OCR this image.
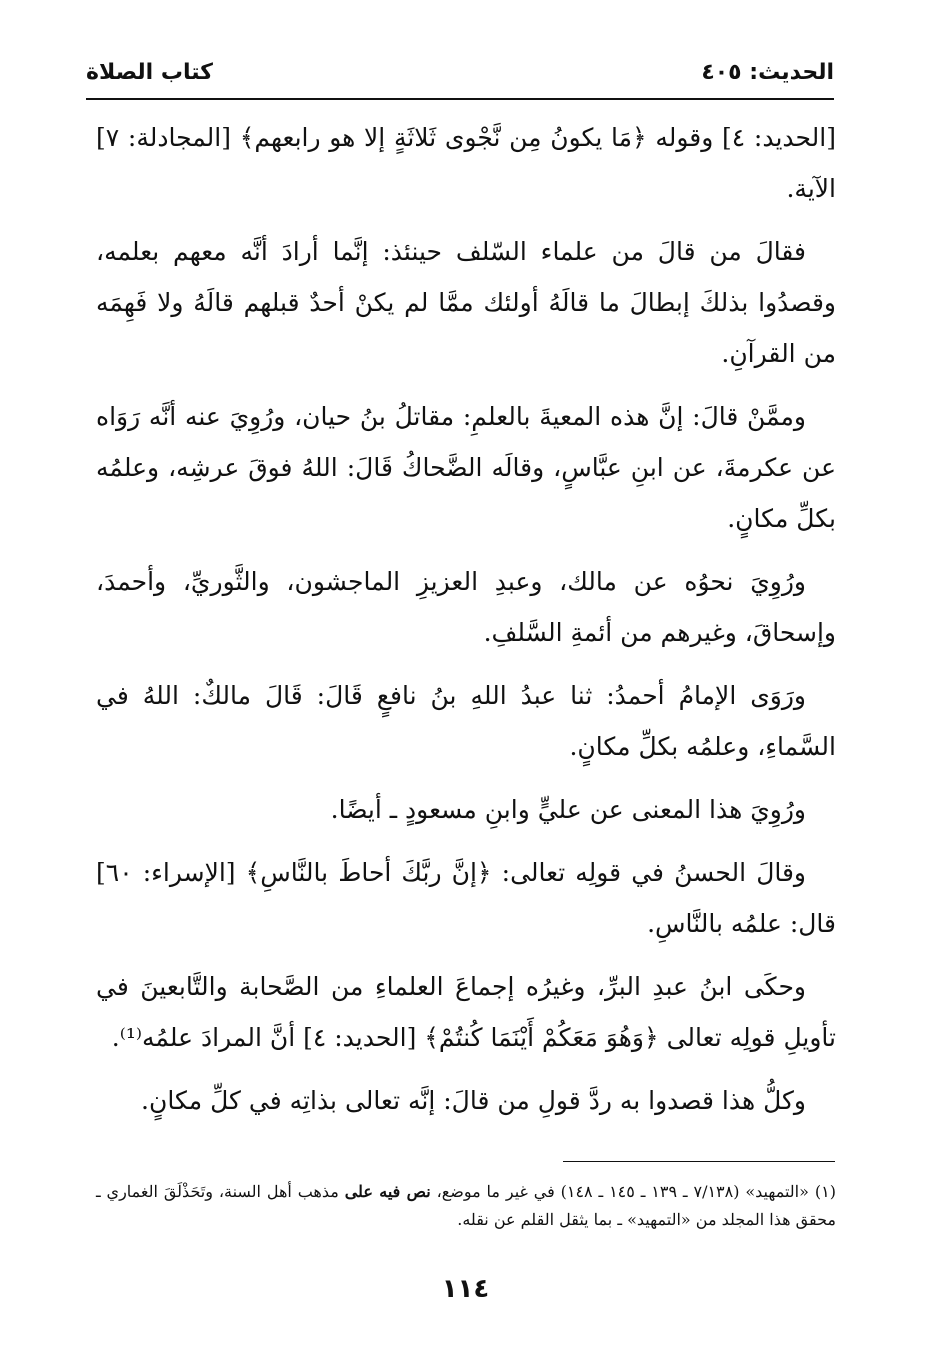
الحديث: ٤٠٥
كتاب الصلاة

[الحديد: ٤] وقوله ﴿مَا يكونُ مِن نَّجْوى ثَلاثَةٍ إلا هو رابعهم﴾ [المجادلة: ٧] الآية.

فقالَ من قالَ من علماء السّلف حينئذ: إنَّما أرادَ أنَّه معهم بعلمه، وقصدُوا بذلكَ إبطالَ ما قالَهُ أولئك ممَّا لم يكنْ أحدٌ قبلهم قالَهُ ولا فَهِمَه من القرآنِ.

وممَّنْ قالَ: إنَّ هذه المعيةَ بالعلمِ: مقاتلُ بنُ حيان، ورُوِيَ عنه أنَّه رَوَاه عن عكرمةَ، عن ابنِ عبَّاسٍ، وقالَه الضَّحاكُ قَالَ: اللهُ فوقَ عرشِه، وعلمُه بكلِّ مكانٍ.

ورُوِيَ نحوُه عن مالك، وعبدِ العزيزِ الماجشون، والثَّوريِّ، وأحمدَ، وإسحاقَ، وغيرهم من أئمةِ السَّلفِ.

ورَوَى الإمامُ أحمدُ: ثنا عبدُ اللهِ بنُ نافعٍ قَالَ: قَالَ مالكٌ: اللهُ في السَّماءِ، وعلمُه بكلِّ مكانٍ.

ورُوِيَ هذا المعنى عن عليٍّ وابنِ مسعودٍ ـ أيضًا.

وقالَ الحسنُ في قولِه تعالى: ﴿إنَّ ربَّكَ أحاطَ بالنَّاسِ﴾ [الإسراء: ٦٠] قال: علمُه بالنَّاسِ.

وحكَى ابنُ عبدِ البرِّ، وغيرُه إجماعَ العلماءِ من الصَّحابة والتَّابعينَ في تأويلِ قولِه تعالى ﴿وَهُوَ مَعَكُمْ أَيْنَمَا كُنتُمْ﴾ [الحديد: ٤] أنَّ المرادَ علمُه⁽¹⁾.

وكلُّ هذا قصدوا به ردَّ قولِ من قالَ: إنَّه تعالى بذاتِه في كلِّ مكانٍ.

(١)«التمهيد» (٧/١٣٨ ـ ١٣٩ ـ ١٤٥ ـ ١٤٨) في غير ما موضع، نص فيه على مذهب أهل السنة، وتَحَذْلَقَ الغماري ـ محقق هذا المجلد من «التمهيد» ـ بما يثقل القلم عن نقله.

١١٤
